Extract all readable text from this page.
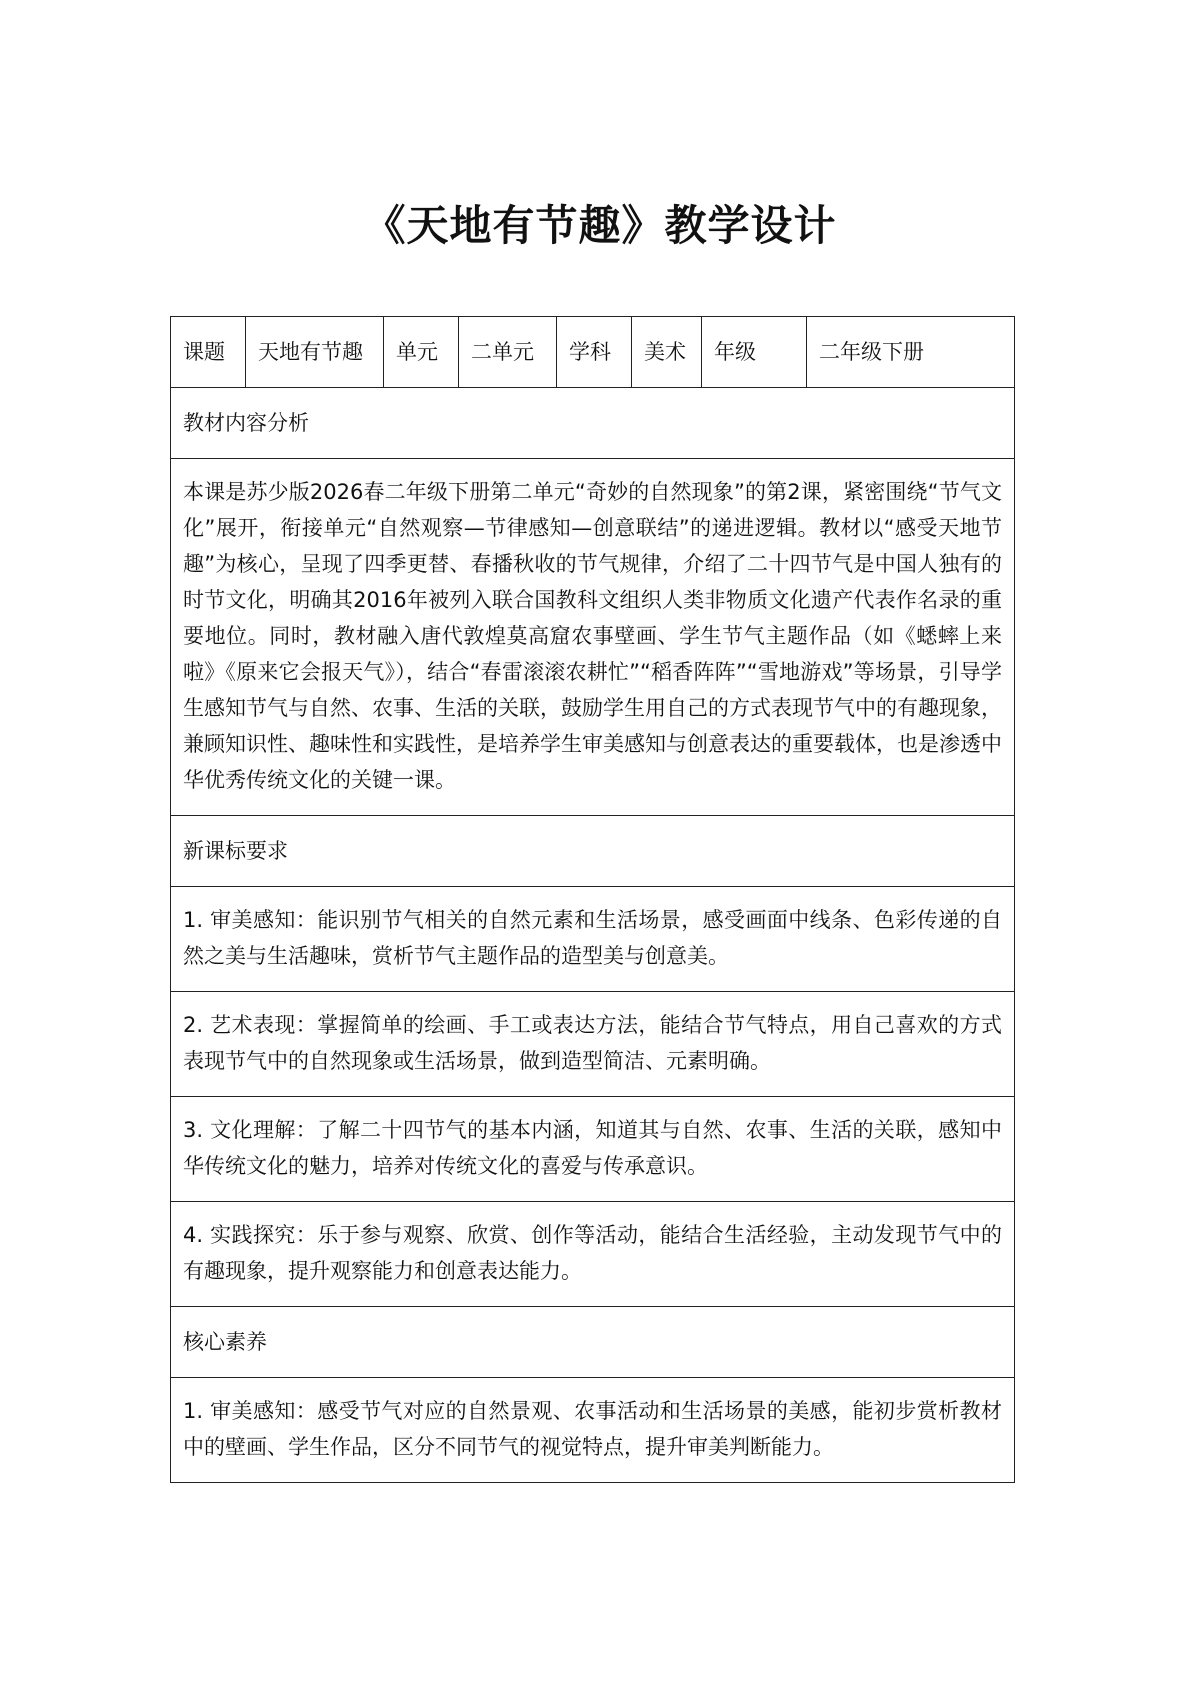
《天地有节趣》教学设计
课题	天地有节趣	单元	二单元	学科	美术	年级	二年级下册
教材内容分析
本课是苏少版2026春二年级下册第二单元“奇妙的自然现象”的第2课，紧密围绕“节气文化”展开，衔接单元“自然观察—节律感知—创意联结”的递进逻辑。教材以“感受天地节趣”为核心，呈现了四季更替、春播秋收的节气规律，介绍了二十四节气是中国人独有的时节文化，明确其2016年被列入联合国教科文组织人类非物质文化遗产代表作名录的重要地位。同时，教材融入唐代敦煌莫高窟农事壁画、学生节气主题作品（如《蟋蟀上来啦》《原来它会报天气》），结合“春雷滚滚农耕忙”“稻香阵阵”“雪地游戏”等场景，引导学生感知节气与自然、农事、生活的关联，鼓励学生用自己的方式表现节气中的有趣现象，兼顾知识性、趣味性和实践性，是培养学生审美感知与创意表达的重要载体，也是渗透中华优秀传统文化的关键一课。
新课标要求
1. 审美感知：能识别节气相关的自然元素和生活场景，感受画面中线条、色彩传递的自然之美与生活趣味，赏析节气主题作品的造型美与创意美。
2. 艺术表现：掌握简单的绘画、手工或表达方法，能结合节气特点，用自己喜欢的方式表现节气中的自然现象或生活场景，做到造型简洁、元素明确。
3. 文化理解：了解二十四节气的基本内涵，知道其与自然、农事、生活的关联，感知中华传统文化的魅力，培养对传统文化的喜爱与传承意识。
4. 实践探究：乐于参与观察、欣赏、创作等活动，能结合生活经验，主动发现节气中的有趣现象，提升观察能力和创意表达能力。
核心素养
1. 审美感知：感受节气对应的自然景观、农事活动和生活场景的美感，能初步赏析教材中的壁画、学生作品，区分不同节气的视觉特点，提升审美判断能力。
